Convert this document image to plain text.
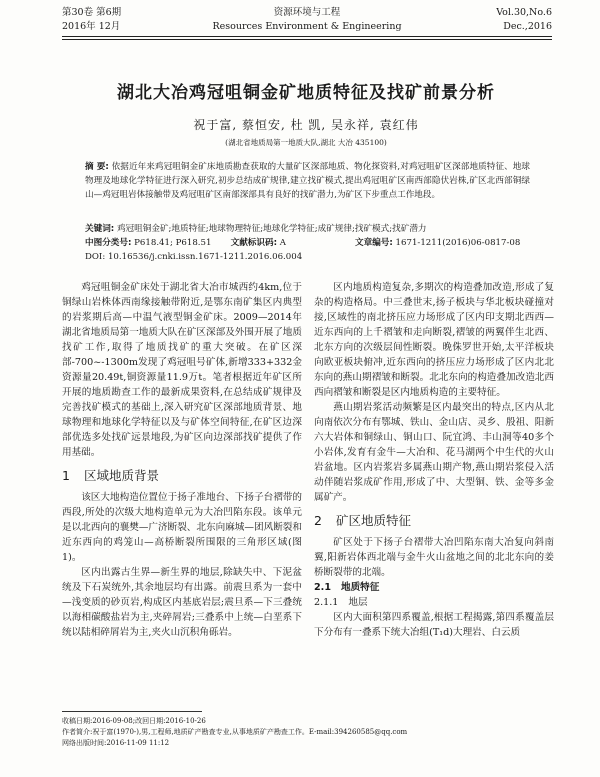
第30卷 第6期
2016年 12月
资源环境与工程
Resources Environment & Engineering
Vol.30,No.6
Dec.,2016
湖北大冶鸡冠咀铜金矿地质特征及找矿前景分析
祝于富, 蔡恒安, 杜 凯, 吴永祥, 袁红伟
(湖北省地质局第一地质大队,湖北 大冶 435100)
摘 要: 依据近年来鸡冠咀铜金矿床地质勘查获取的大量矿区深部地质、物化探资料,对鸡冠咀矿区深部地质特征、地球物理及地球化学特征进行深入研究,初步总结成矿规律,建立找矿模式,提出鸡冠咀矿区南西部隐伏岩株,矿区北西部铜绿山—鸡冠咀岩体接触带及鸡冠咀矿区南部深部具有良好的找矿潜力,为矿区下步重点工作地段。
关键词: 鸡冠咀铜金矿;地质特征;地球物理特征;地球化学特征;成矿规律;找矿模式;找矿潜力
中图分类号: P618.41; P618.51 文献标识码: A	文章编号: 1671-1211(2016)06-0817-08
DOI: 10.16536/j.cnki.issn.1671-1211.2016.06.004

鸡冠咀铜金矿床处于湖北省大冶市城西约4km,位于铜绿山岩株体西南缘接触带附近,是鄂东南矿集区内典型的岩浆期后高—中温气液型铜金矿床。2009—2014年湖北省地质局第一地质大队在矿区深部及外围开展了地质找矿工作,取得了地质找矿的重大突破。在矿区深部-700~-1300m发现了鸡冠咀号矿体,新增333+332金资源量20.49t,铜资源量11.9万t。笔者根据近年矿区所开展的地质勘查工作的最新成果资料,在总结成矿规律及完善找矿模式的基础上,深入研究矿区深部地质背景、地球物理和地球化学特征以及与矿体空间特征,在矿区边深部优选多处找矿远景地段,为矿区向边深部找矿提供了作用基础。

1 区域地质背景

该区大地构造位置位于扬子准地台、下扬子台褶带的西段,所处的次级大地构造单元为大冶凹陷东段。该单元是以北西向的襄樊—广济断裂、北东向麻城—团风断裂和近东西向的鸡笼山—高桥断裂所围限的三角形区域(图1)。

区内出露古生界—新生界的地层,除缺失中、下泥盆统及下石炭统外,其余地层均有出露。前震旦系为一套中—浅变质的砂页岩,构成区内基底岩层;震旦系—下三叠统以海相碳酸盐岩为主,夹碎屑岩;三叠系中上统—白垩系下统以陆相碎屑岩为主,夹火山沉积角砾岩。

区内地质构造复杂,多期次的构造叠加改造,形成了复杂的构造格局。中三叠世末,扬子板块与华北板块碰撞对接,区域性的南北挤压应力场形成了区内印支期北西西—近东西向的上千褶皱和走向断裂,褶皱的两翼伴生北西、北东方向的次级层间性断裂。晚侏罗世开始,太平洋板块向欧亚板块俯冲,近东西向的挤压应力场形成了区内北北东向的燕山期褶皱和断裂。北北东向的构造叠加改造北西西向褶皱和断裂是区内地质构造的主要特征。

燕山期岩浆活动频繁是区内最突出的特点,区内从北向南依次分布有鄂城、铁山、金山店、灵乡、殷祖、阳新六大岩体和铜绿山、铜山口、阮宜鸿、丰山洞等40多个小岩体,发育有金牛—大冶和、花马湖两个中生代的火山岩盆地。区内岩浆岩多属燕山期产物,燕山期岩浆侵入活动伴随岩浆成矿作用,形成了中、大型铜、铁、金等多金属矿产。

2 矿区地质特征

矿区处于下扬子台褶带大冶凹陷东南大冶复向斜南翼,阳新岩体西北端与金牛火山盆地之间的北北东向的姜桥断裂带的北端。

2.1 地质特征
2.1.1 地层

区内大面积第四系覆盖,根据工程揭露,第四系覆盖层下分布有一叠系下统大冶组(T₁d)大理岩、白云质

收稿日期:2016-09-08;改回日期:2016-10-26
作者简介:祝于富(1970-),男,工程师,地质矿产勘查专业,从事地质矿产勘查工作。E-mail:394260585@qq.com
网络出版时间:2016-11-09 11:12
